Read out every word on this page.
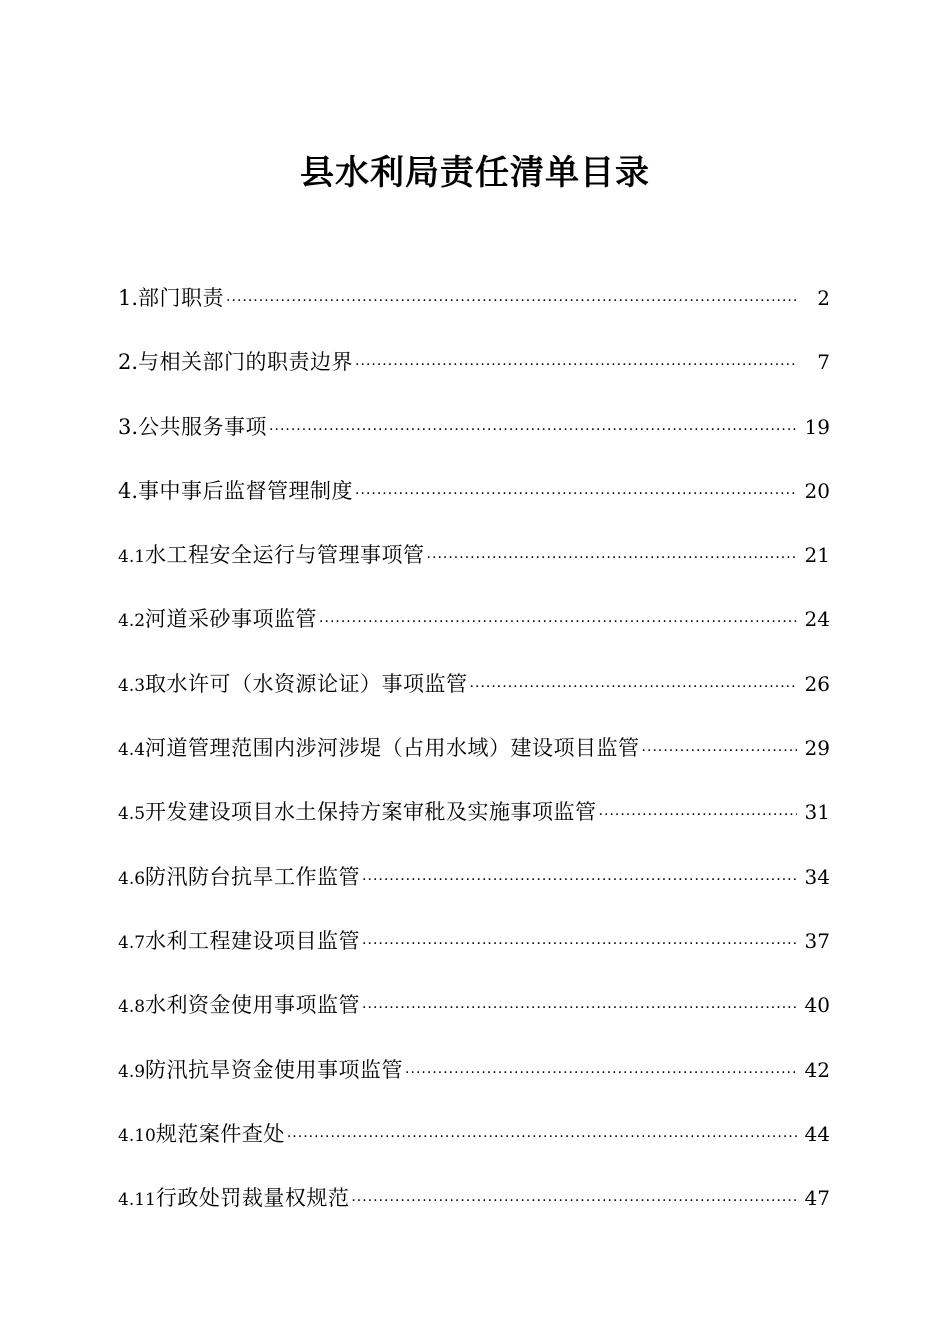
县水利局责任清单目录
1. 部门职责 ·····	2
2. 与相关部门的职责边界 ·····	7
3. 公共服务事项 ·····	19
4. 事中事后监督管理制度 ·····	20
4.1 水工程安全运行与管理事项管 ·····	21
4.2 河道采砂事项监管 ·····	24
4.3 取水许可（水资源论证）事项监管 ·····	26
4.4 河道管理范围内涉河涉堤（占用水域）建设项目监管 ·····	29
4.5 开发建设项目水土保持方案审秕及实施事项监管 ·····	31
4.6 防汛防台抗旱工作监管 ·····	34
4.7 水利工程建设项目监管 ·····	37
4.8 水利资金使用事项监管 ·····	40
4.9 防汛抗旱资金使用事项监管 ·····	42
4.10 规范案件查处 ·····	44
4.11 行政处罚裁量权规范 ·····	47
